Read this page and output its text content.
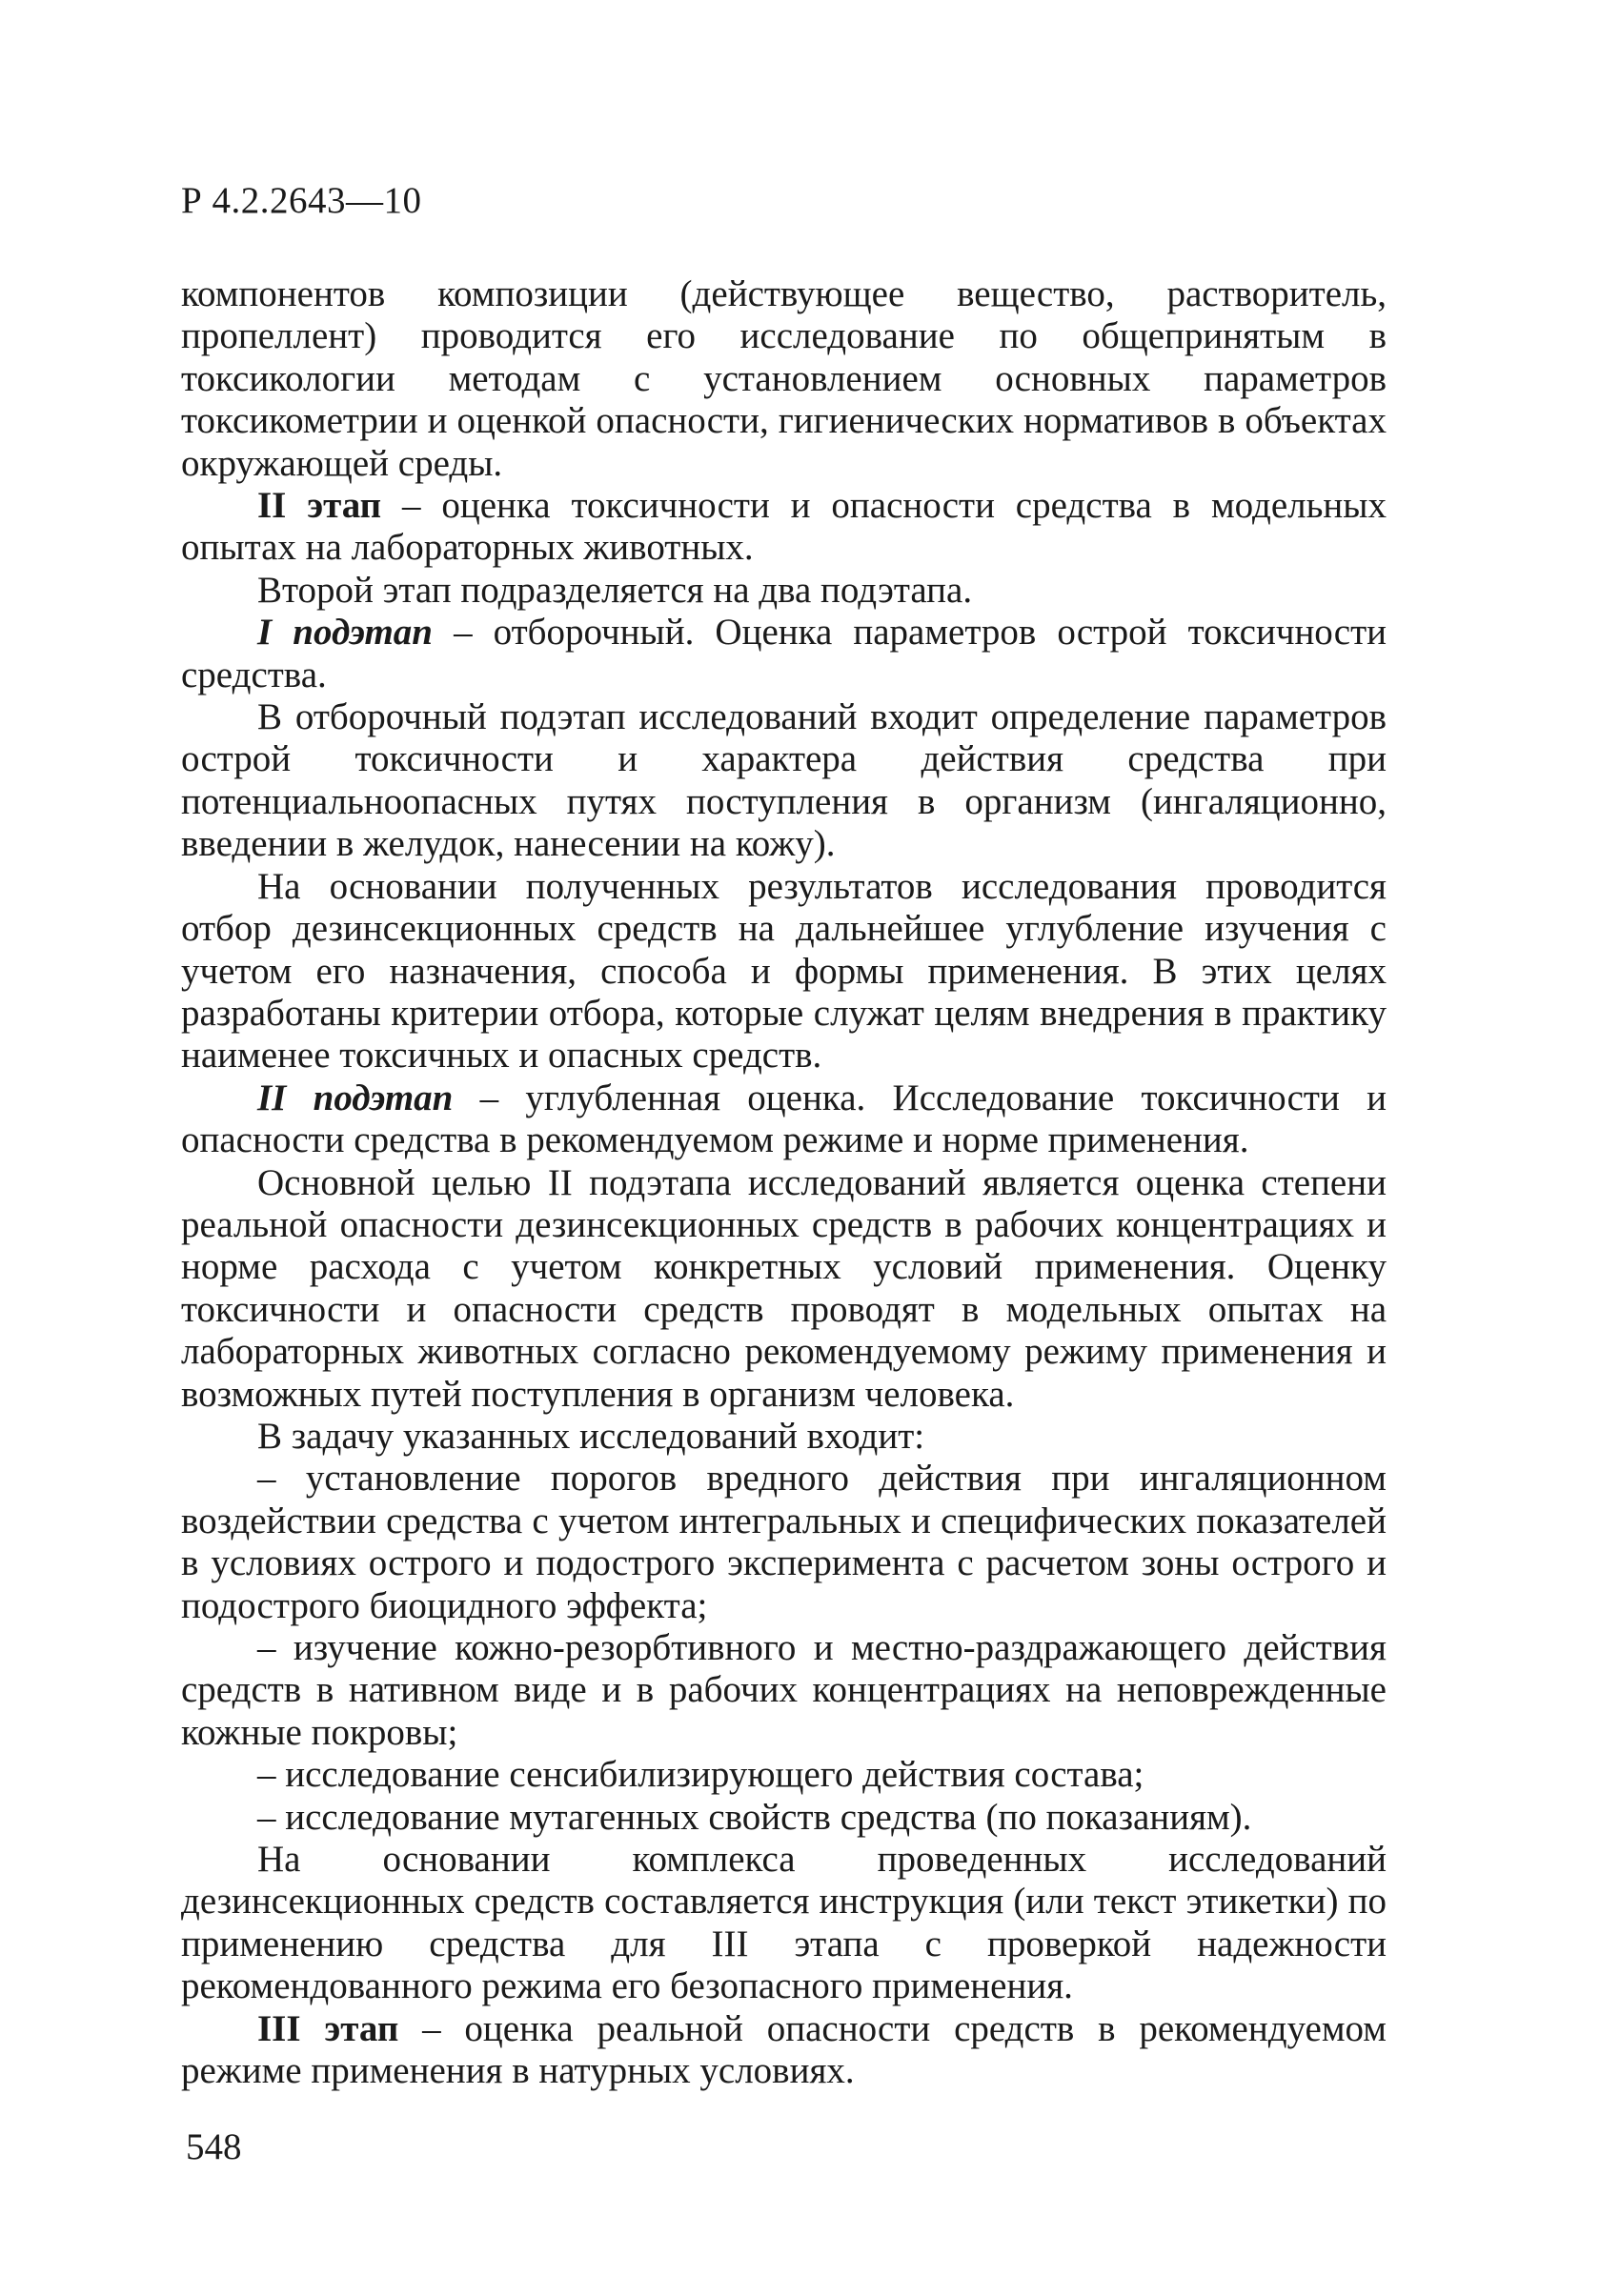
Р 4.2.2643—10

компонентов композиции (действующее вещество, растворитель, пропеллент) проводится его исследование по общепринятым в токсикологии методам с установлением основных параметров токсикометрии и оценкой опасности, гигиенических нормативов в объектах окружающей среды.

II этап – оценка токсичности и опасности средства в модельных опытах на лабораторных животных.

Второй этап подразделяется на два подэтапа.

I подэтап – отборочный. Оценка параметров острой токсичности средства.

В отборочный подэтап исследований входит определение параметров острой токсичности и характера действия средства при потенциальноопасных путях поступления в организм (ингаляционно, введении в желудок, нанесении на кожу).

На основании полученных результатов исследования проводится отбор дезинсекционных средств на дальнейшее углубление изучения с учетом его назначения, способа и формы применения. В этих целях разработаны критерии отбора, которые служат целям внедрения в практику наименее токсичных и опасных средств.

II подэтап – углубленная оценка. Исследование токсичности и опасности средства в рекомендуемом режиме и норме применения.

Основной целью II подэтапа исследований является оценка степени реальной опасности дезинсекционных средств в рабочих концентрациях и норме расхода с учетом конкретных условий применения. Оценку токсичности и опасности средств проводят в модельных опытах на лабораторных животных согласно рекомендуемому режиму применения и возможных путей поступления в организм человека.

В задачу указанных исследований входит:

– установление порогов вредного действия при ингаляционном воздействии средства с учетом интегральных и специфических показателей в условиях острого и подострого эксперимента с расчетом зоны острого и подострого биоцидного эффекта;

– изучение кожно-резорбтивного и местно-раздражающего действия средств в нативном виде и в рабочих концентрациях на неповрежденные кожные покровы;

– исследование сенсибилизирующего действия состава;

– исследование мутагенных свойств средства (по показаниям).

На основании комплекса проведенных исследований дезинсекционных средств составляется инструкция (или текст этикетки) по применению средства для III этапа с проверкой надежности рекомендованного режима его безопасного применения.

III этап – оценка реальной опасности средств в рекомендуемом режиме применения в натурных условиях.

548
